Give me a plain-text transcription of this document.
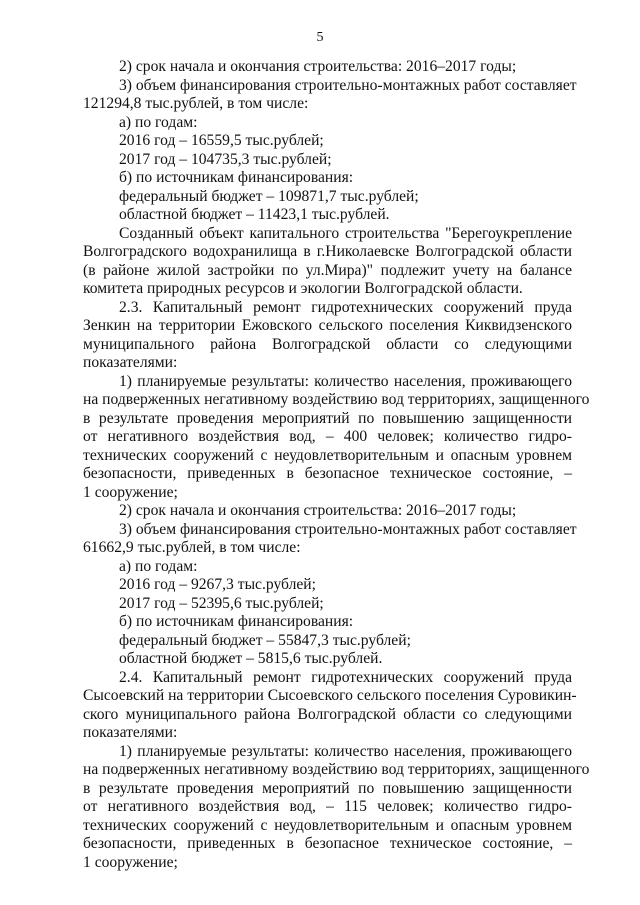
5
2) срок начала и окончания строительства: 2016–2017 годы;
3) объем финансирования строительно-монтажных работ составляет
121294,8 тыс.рублей, в том числе:
а) по годам:
2016 год – 16559,5 тыс.рублей;
2017 год – 104735,3 тыс.рублей;
б) по источникам финансирования:
федеральный бюджет – 109871,7 тыс.рублей;
областной бюджет – 11423,1 тыс.рублей.
Созданный объект капитального строительства "Берегоукрепление
Волгоградского водохранилища в г.Николаевске Волгоградской области
(в районе жилой застройки по ул.Мира)" подлежит учету на балансе
комитета природных ресурсов и экологии Волгоградской области.
2.3. Капитальный ремонт гидротехнических сооружений пруда
Зенкин на территории Ежовского сельского поселения Киквидзенского
муниципального района Волгоградской области со следующими
показателями:
1) планируемые результаты: количество населения, проживающего
на подверженных негативному воздействию вод территориях, защищенного
в результате проведения мероприятий по повышению защищенности
от негативного воздействия вод, – 400 человек; количество гидро-
технических сооружений с неудовлетворительным и опасным уровнем
безопасности, приведенных в безопасное техническое состояние, –
1 сооружение;
2) срок начала и окончания строительства: 2016–2017 годы;
3) объем финансирования строительно-монтажных работ составляет
61662,9 тыс.рублей, в том числе:
а) по годам:
2016 год – 9267,3 тыс.рублей;
2017 год – 52395,6 тыс.рублей;
б) по источникам финансирования:
федеральный бюджет – 55847,3 тыс.рублей;
областной бюджет – 5815,6 тыс.рублей.
2.4. Капитальный ремонт гидротехнических сооружений пруда
Сысоевский на территории Сысоевского сельского поселения Суровикин-
ского муниципального района Волгоградской области со следующими
показателями:
1) планируемые результаты: количество населения, проживающего
на подверженных негативному воздействию вод территориях, защищенного
в результате проведения мероприятий по повышению защищенности
от негативного воздействия вод, – 115 человек; количество гидро-
технических сооружений с неудовлетворительным и опасным уровнем
безопасности, приведенных в безопасное техническое состояние, –
1 сооружение;
